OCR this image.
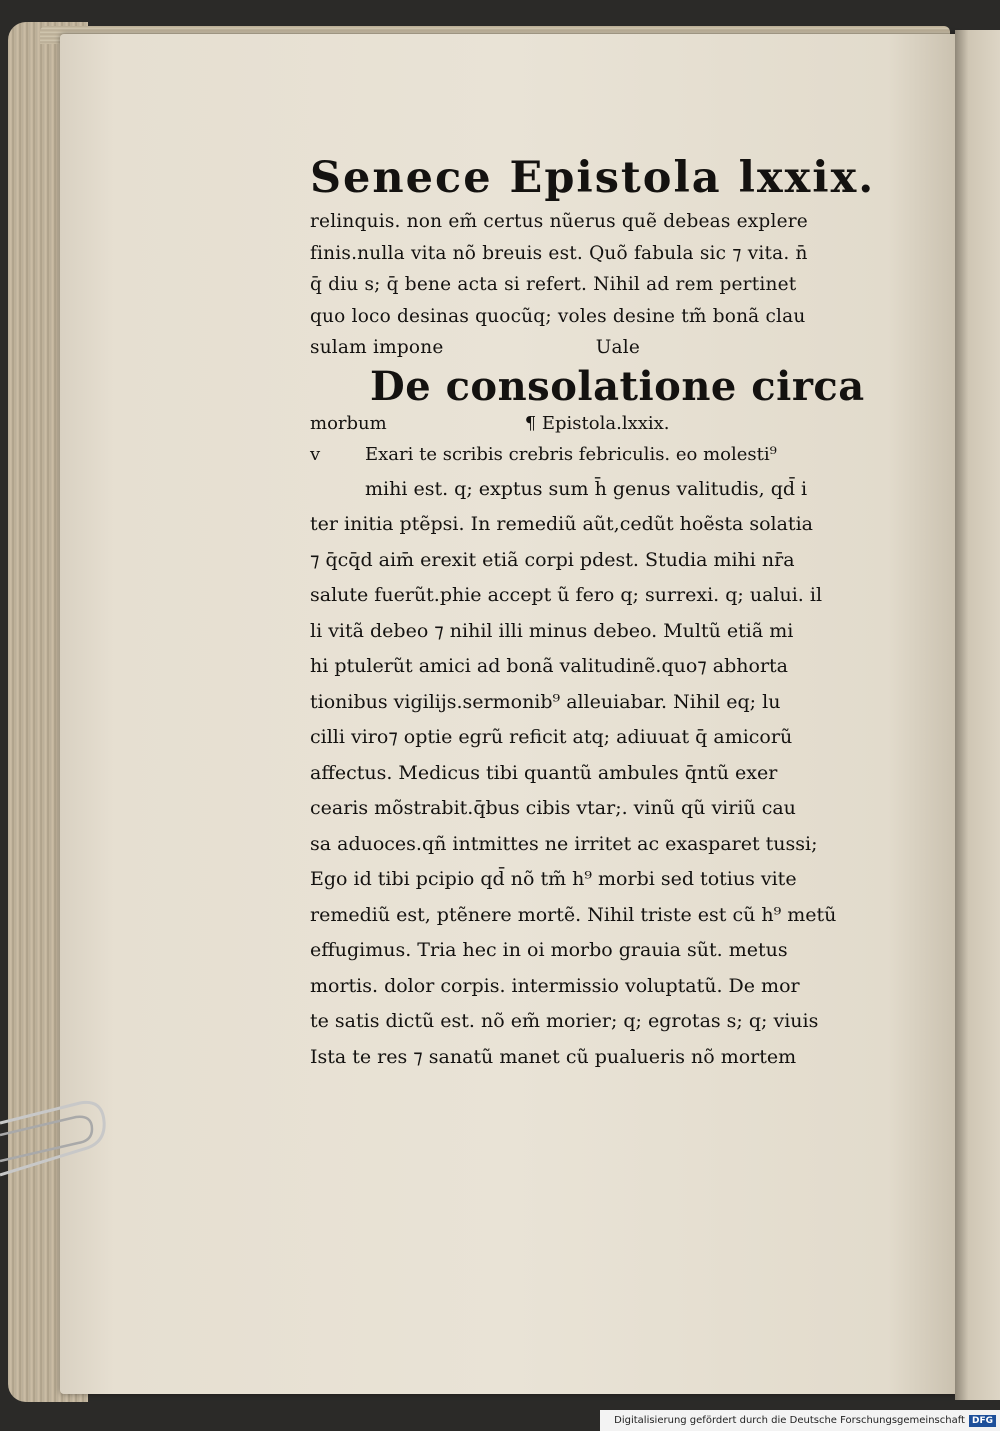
Senece Epistola lxxix.
relinquis. non em̃ certus nũerus quẽ debeas explere
finis.nulla vita nõ breuis est. Quõ fabula sic ⁊ vita. n̄
q̄ diu s; q̄ bene acta si refert. Nihil ad rem pertinet
quo loco desinas quocũq; voles desine tm̃ bonã clau
sulam impone	Uale
De consolatione circa
morbum	¶ Epistola.lxxix.
v	Exari te scribis crebris febriculis. eo molesti⁹
mihi est. q; exptus sum h̄ genus valitudis, qd̄ i
ter initia ptẽpsi. In remediũ aũt,cedũt hoẽsta solatia
⁊ q̄cq̄d aim̄ erexit etiã corpi pdest. Studia mihi nr̄a
salute fuerũt.phie accept ũ fero q; surrexi. q; ualui. il
li vitã debeo ⁊ nihil illi minus debeo. Multũ etiã mi
hi ptulerũt amici ad bonã valitudinẽ.quo⁊ abhorta
tionibus vigilijs.sermonib⁹ alleuiabar. Nihil eq; lu
cilli viro⁊ optie egrũ reficit atq; adiuuat q̄ amicorũ
affectus. Medicus tibi quantũ ambules q̄ntũ exer
cearis mõstrabit.q̄bus cibis vtar;. vinũ qũ viriũ cau
sa aduoces.qñ intmittes ne irritet ac exasparet tussi;
Ego id tibi pcipio qd̄ nõ tm̃ h⁹ morbi sed totius vite
remediũ est, ptẽnere mortẽ. Nihil triste est cũ h⁹ metũ
effugimus. Tria hec in oi morbo grauia sũt. metus
mortis. dolor corpis. intermissio voluptatũ. De mor
te satis dictũ est. nõ em̃ morier; q; egrotas s; q; viuis
Ista te res ⁊ sanatũ manet cũ pualueris nõ mortem
Digitalisierung gefördert durch die Deutsche Forschungsgemeinschaft DFG
